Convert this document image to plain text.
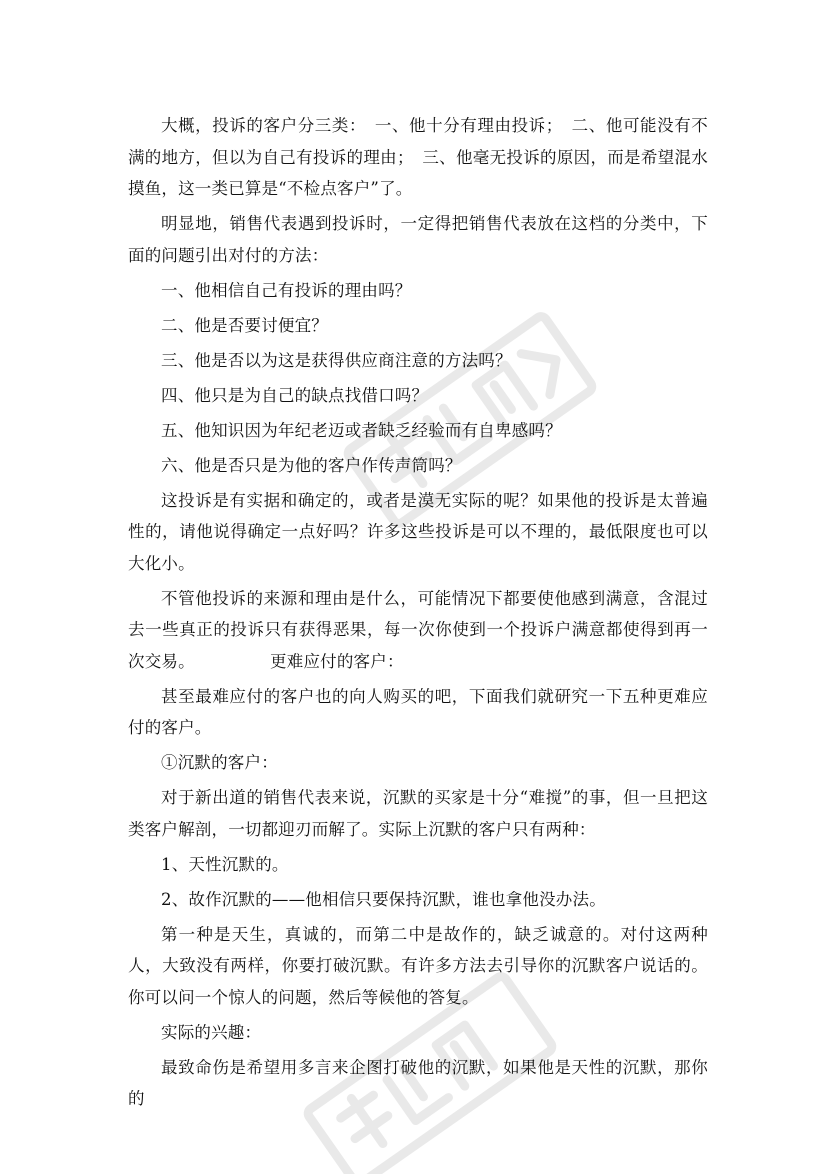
大概，投诉的客户分三类：　一、他十分有理由投诉；　二、他可能没有不满的地方，但以为自己有投诉的理由；　三、他毫无投诉的原因，而是希望混水摸鱼，这一类已算是“不检点客户”了。

明显地，销售代表遇到投诉时，一定得把销售代表放在这档的分类中，下面的问题引出对付的方法：

一、他相信自己有投诉的理由吗？

二、他是否要讨便宜？

三、他是否以为这是获得供应商注意的方法吗？

四、他只是为自己的缺点找借口吗？

五、他知识因为年纪老迈或者缺乏经验而有自卑感吗？

六、他是否只是为他的客户作传声筒吗？

这投诉是有实据和确定的，或者是漠无实际的呢？如果他的投诉是太普遍性的，请他说得确定一点好吗？许多这些投诉是可以不理的，最低限度也可以大化小。

不管他投诉的来源和理由是什么，可能情况下都要使他感到满意，含混过去一些真正的投诉只有获得恶果，每一次你使到一个投诉户满意都使得到再一次交易。　　　　　更难应付的客户：

甚至最难应付的客户也的向人购买的吧，下面我们就研究一下五种更难应付的客户。

①沉默的客户：

对于新出道的销售代表来说，沉默的买家是十分“难搅”的事，但一旦把这类客户解剖，一切都迎刃而解了。实际上沉默的客户只有两种：

1、天性沉默的。

2、故作沉默的——他相信只要保持沉默，谁也拿他没办法。

第一种是天生，真诚的，而第二中是故作的，缺乏诚意的。对付这两种人，大致没有两样，你要打破沉默。有许多方法去引导你的沉默客户说话的。你可以问一个惊人的问题，然后等候他的答复。

实际的兴趣：

最致命伤是希望用多言来企图打破他的沉默，如果他是天性的沉默，那你的
